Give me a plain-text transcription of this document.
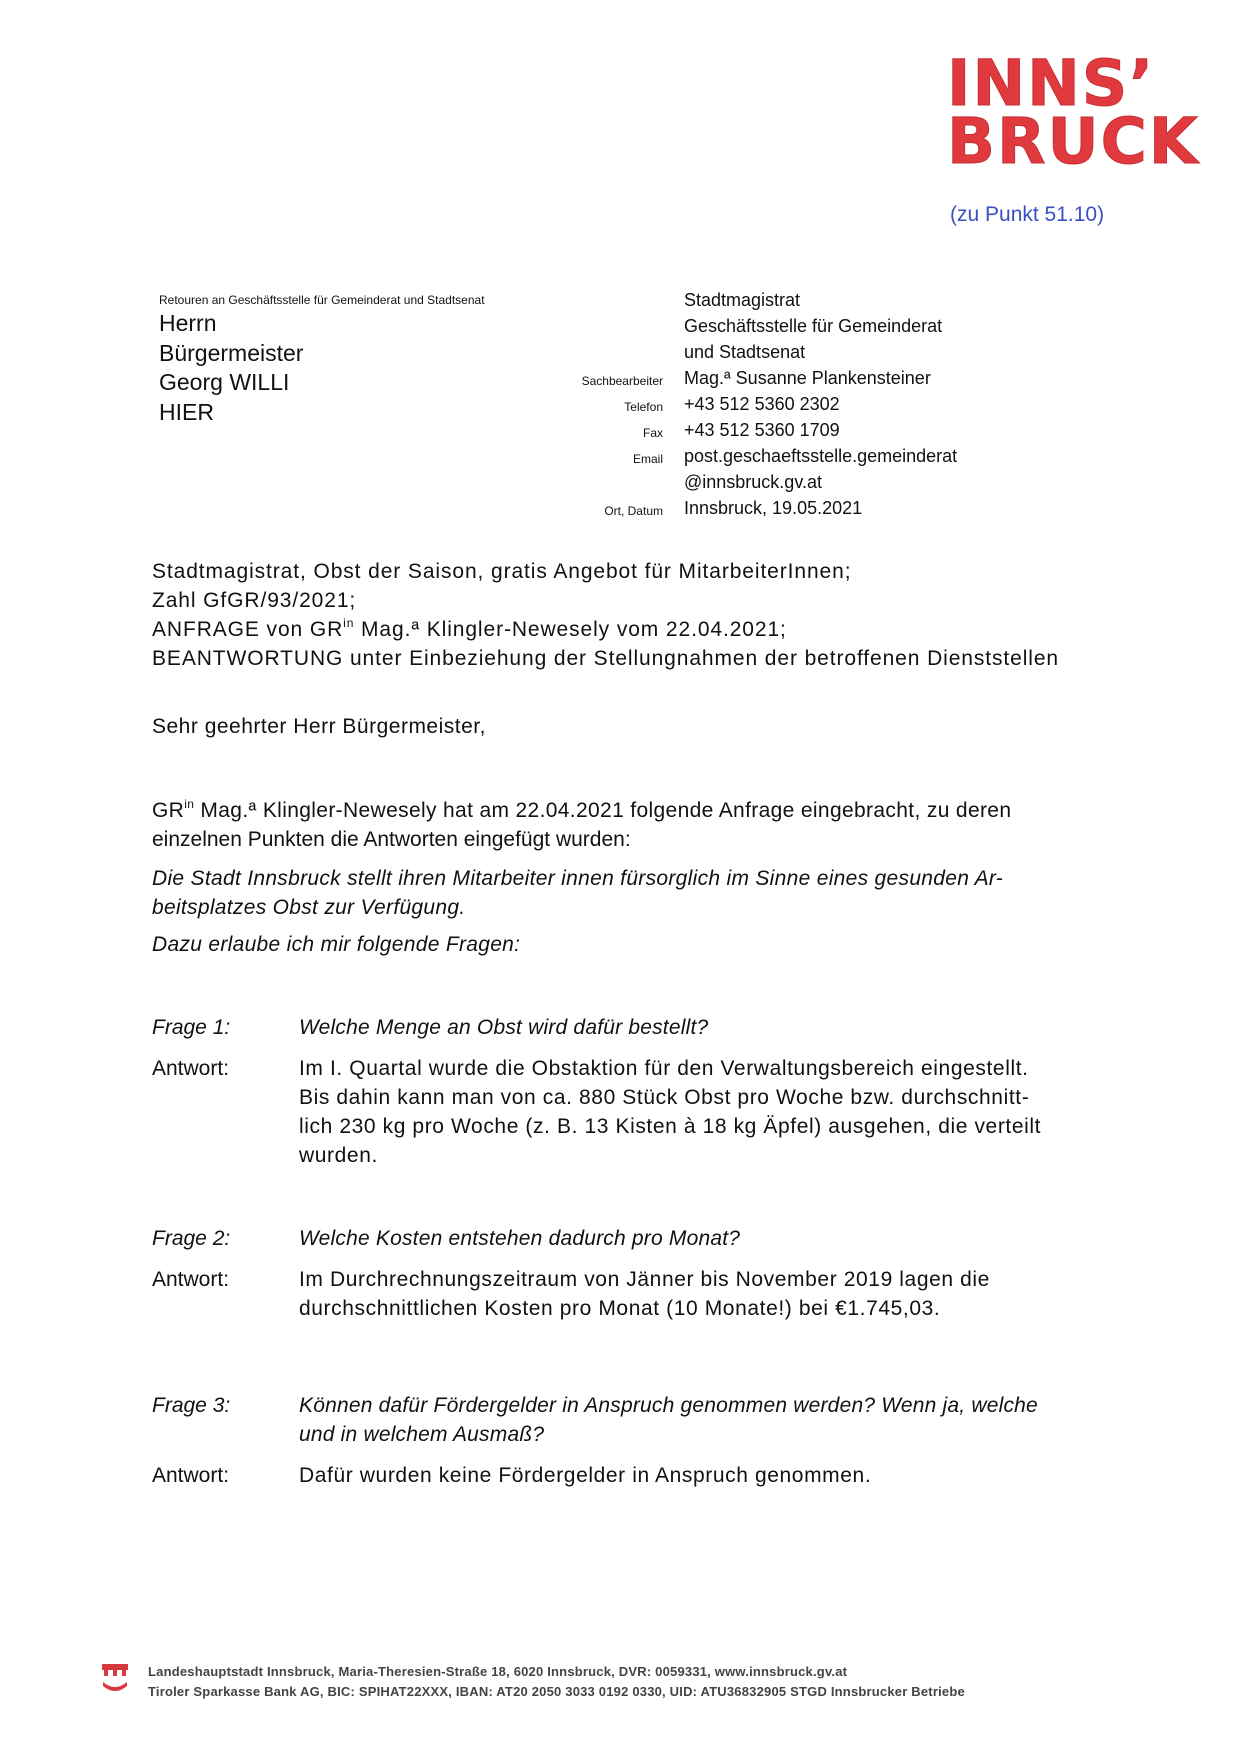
INNS’
BRUCK
(zu Punkt 51.10)
Retouren an Geschäftsstelle für Gemeinderat und Stadtsenat
Herrn
Bürgermeister
Georg WILLI
HIER
Stadtmagistrat
Geschäftsstelle für Gemeinderat
und Stadtsenat
Sachbearbeiter	Mag.ª Susanne Plankensteiner
Telefon	+43 512 5360 2302
Fax	+43 512 5360 1709
Email	post.geschaeftsstelle.gemeinderat
@innsbruck.gv.at
Ort, Datum	Innsbruck, 19.05.2021
Stadtmagistrat, Obst der Saison, gratis Angebot für MitarbeiterInnen;
Zahl GfGR/93/2021;
ANFRAGE von $GR^{in}$ Mag.ª Klingler-Newesely vom 22.04.2021;
BEANTWORTUNG unter Einbeziehung der Stellungnahmen der betroffenen Dienststellen
Sehr geehrter Herr Bürgermeister,
$GR^{in}$ Mag.ª Klingler-Newesely hat am 22.04.2021 folgende Anfrage eingebracht, zu deren
einzelnen Punkten die Antworten eingefügt wurden:
Die Stadt Innsbruck stellt ihren Mitarbeiter innen fürsorglich im Sinne eines gesunden Ar-
beitsplatzes Obst zur Verfügung.
Dazu erlaube ich mir folgende Fragen:
Frage 1:	Welche Menge an Obst wird dafür bestellt?
Antwort:	Im I. Quartal wurde die Obstaktion für den Verwaltungsbereich eingestellt.
Bis dahin kann man von ca. 880 Stück Obst pro Woche bzw. durchschnitt-
lich 230 kg pro Woche (z. B. 13 Kisten à 18 kg Äpfel) ausgehen, die verteilt
wurden.
Frage 2:	Welche Kosten entstehen dadurch pro Monat?
Antwort:	Im Durchrechnungszeitraum von Jänner bis November 2019 lagen die
durchschnittlichen Kosten pro Monat (10 Monate!) bei €1.745,03.
Frage 3:	Können dafür Fördergelder in Anspruch genommen werden? Wenn ja, welche
und in welchem Ausmaß?
Antwort:	Dafür wurden keine Fördergelder in Anspruch genommen.
Landeshauptstadt Innsbruck, Maria-Theresien-Straße 18, 6020 Innsbruck, DVR: 0059331, www.innsbruck.gv.at
Tiroler Sparkasse Bank AG, BIC: SPIHAT22XXX, IBAN: AT20 2050 3033 0192 0330, UID: ATU36832905 STGD Innsbrucker Betriebe
